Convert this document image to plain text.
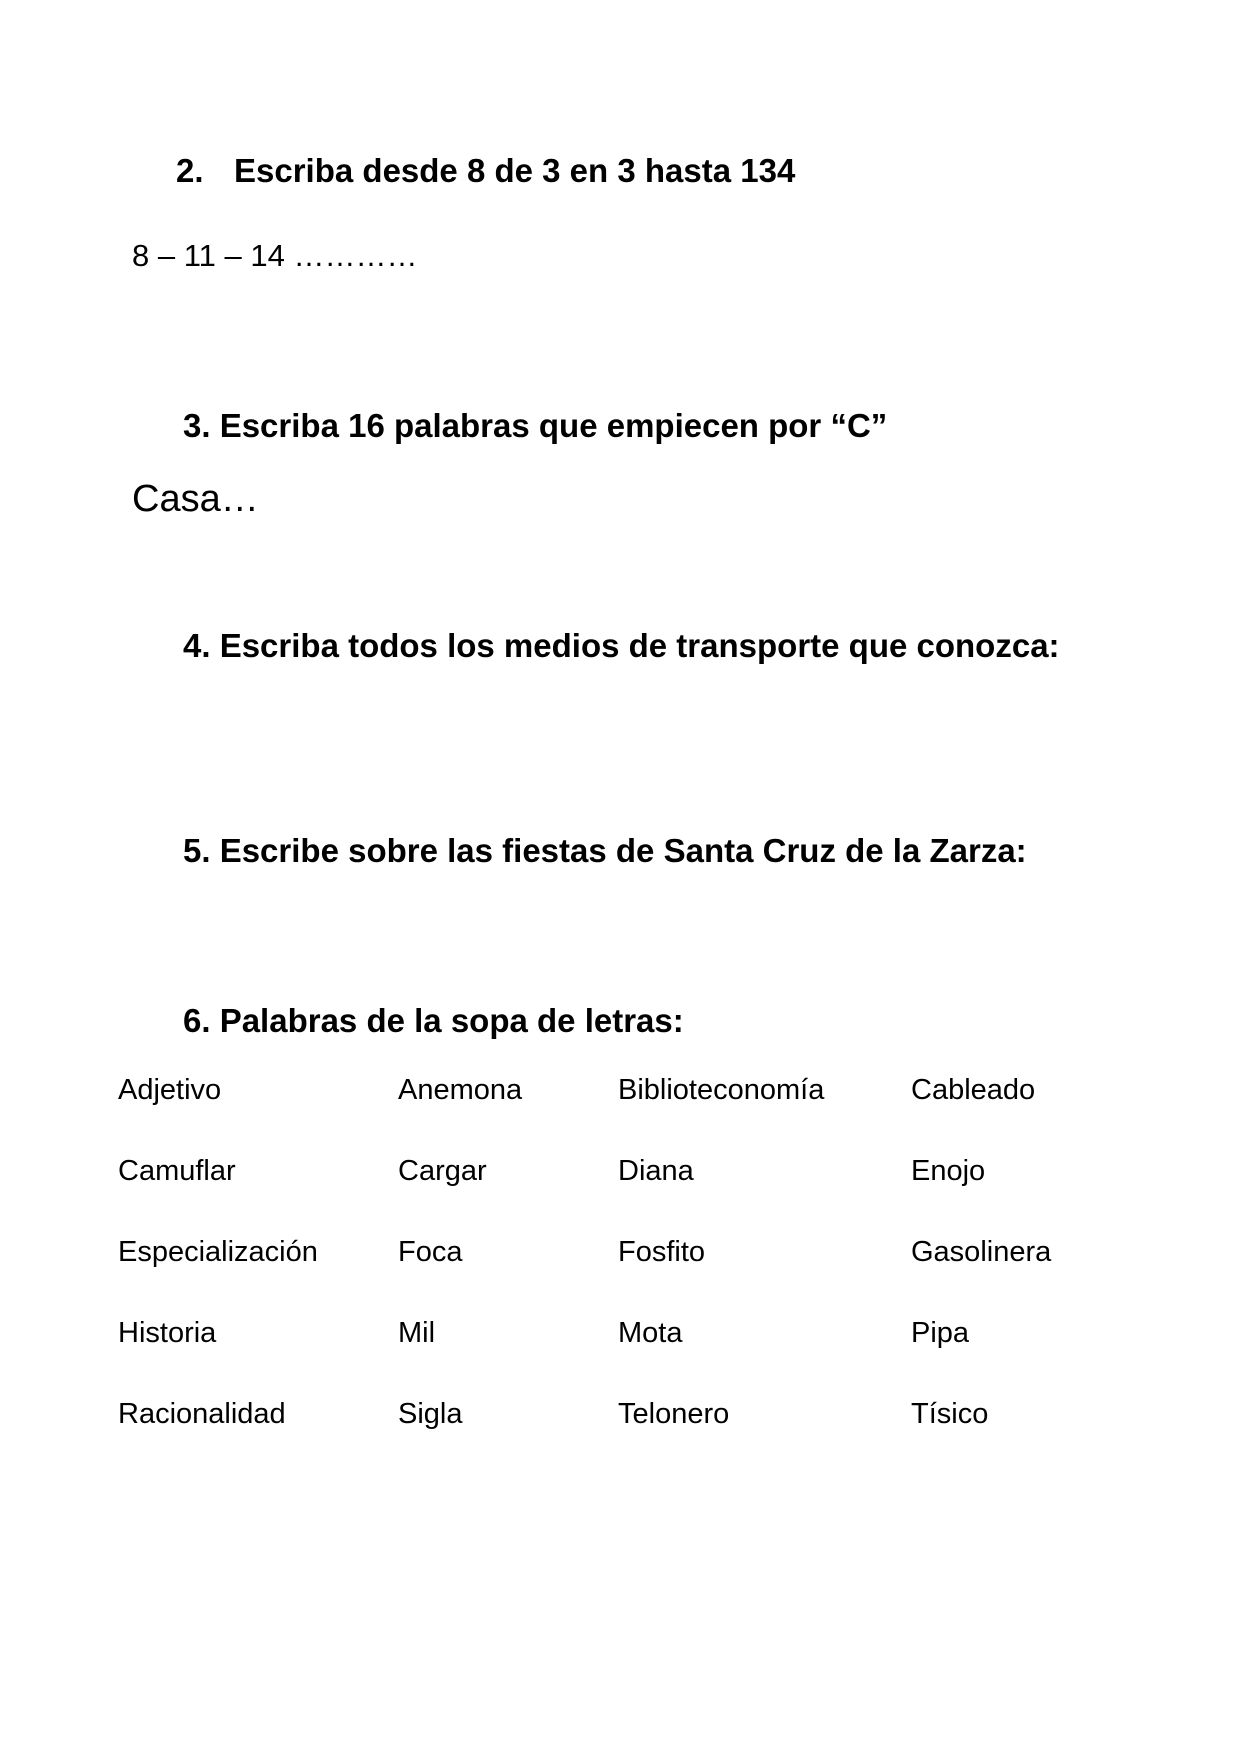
2. Escriba desde 8 de 3 en 3 hasta 134
8 – 11 – 14 …………
3. Escriba 16 palabras que empiecen por “C”
Casa…
4. Escriba todos los medios de transporte que conozca:
5. Escribe sobre las fiestas de Santa Cruz de la Zarza:
6. Palabras de la sopa de letras:
Adjetivo	Anemona	Biblioteconomía	Cableado
Camuflar	Cargar	Diana	Enojo
Especialización	Foca	Fosfito	Gasolinera
Historia	Mil	Mota	Pipa
Racionalidad	Sigla	Telonero	Tísico
